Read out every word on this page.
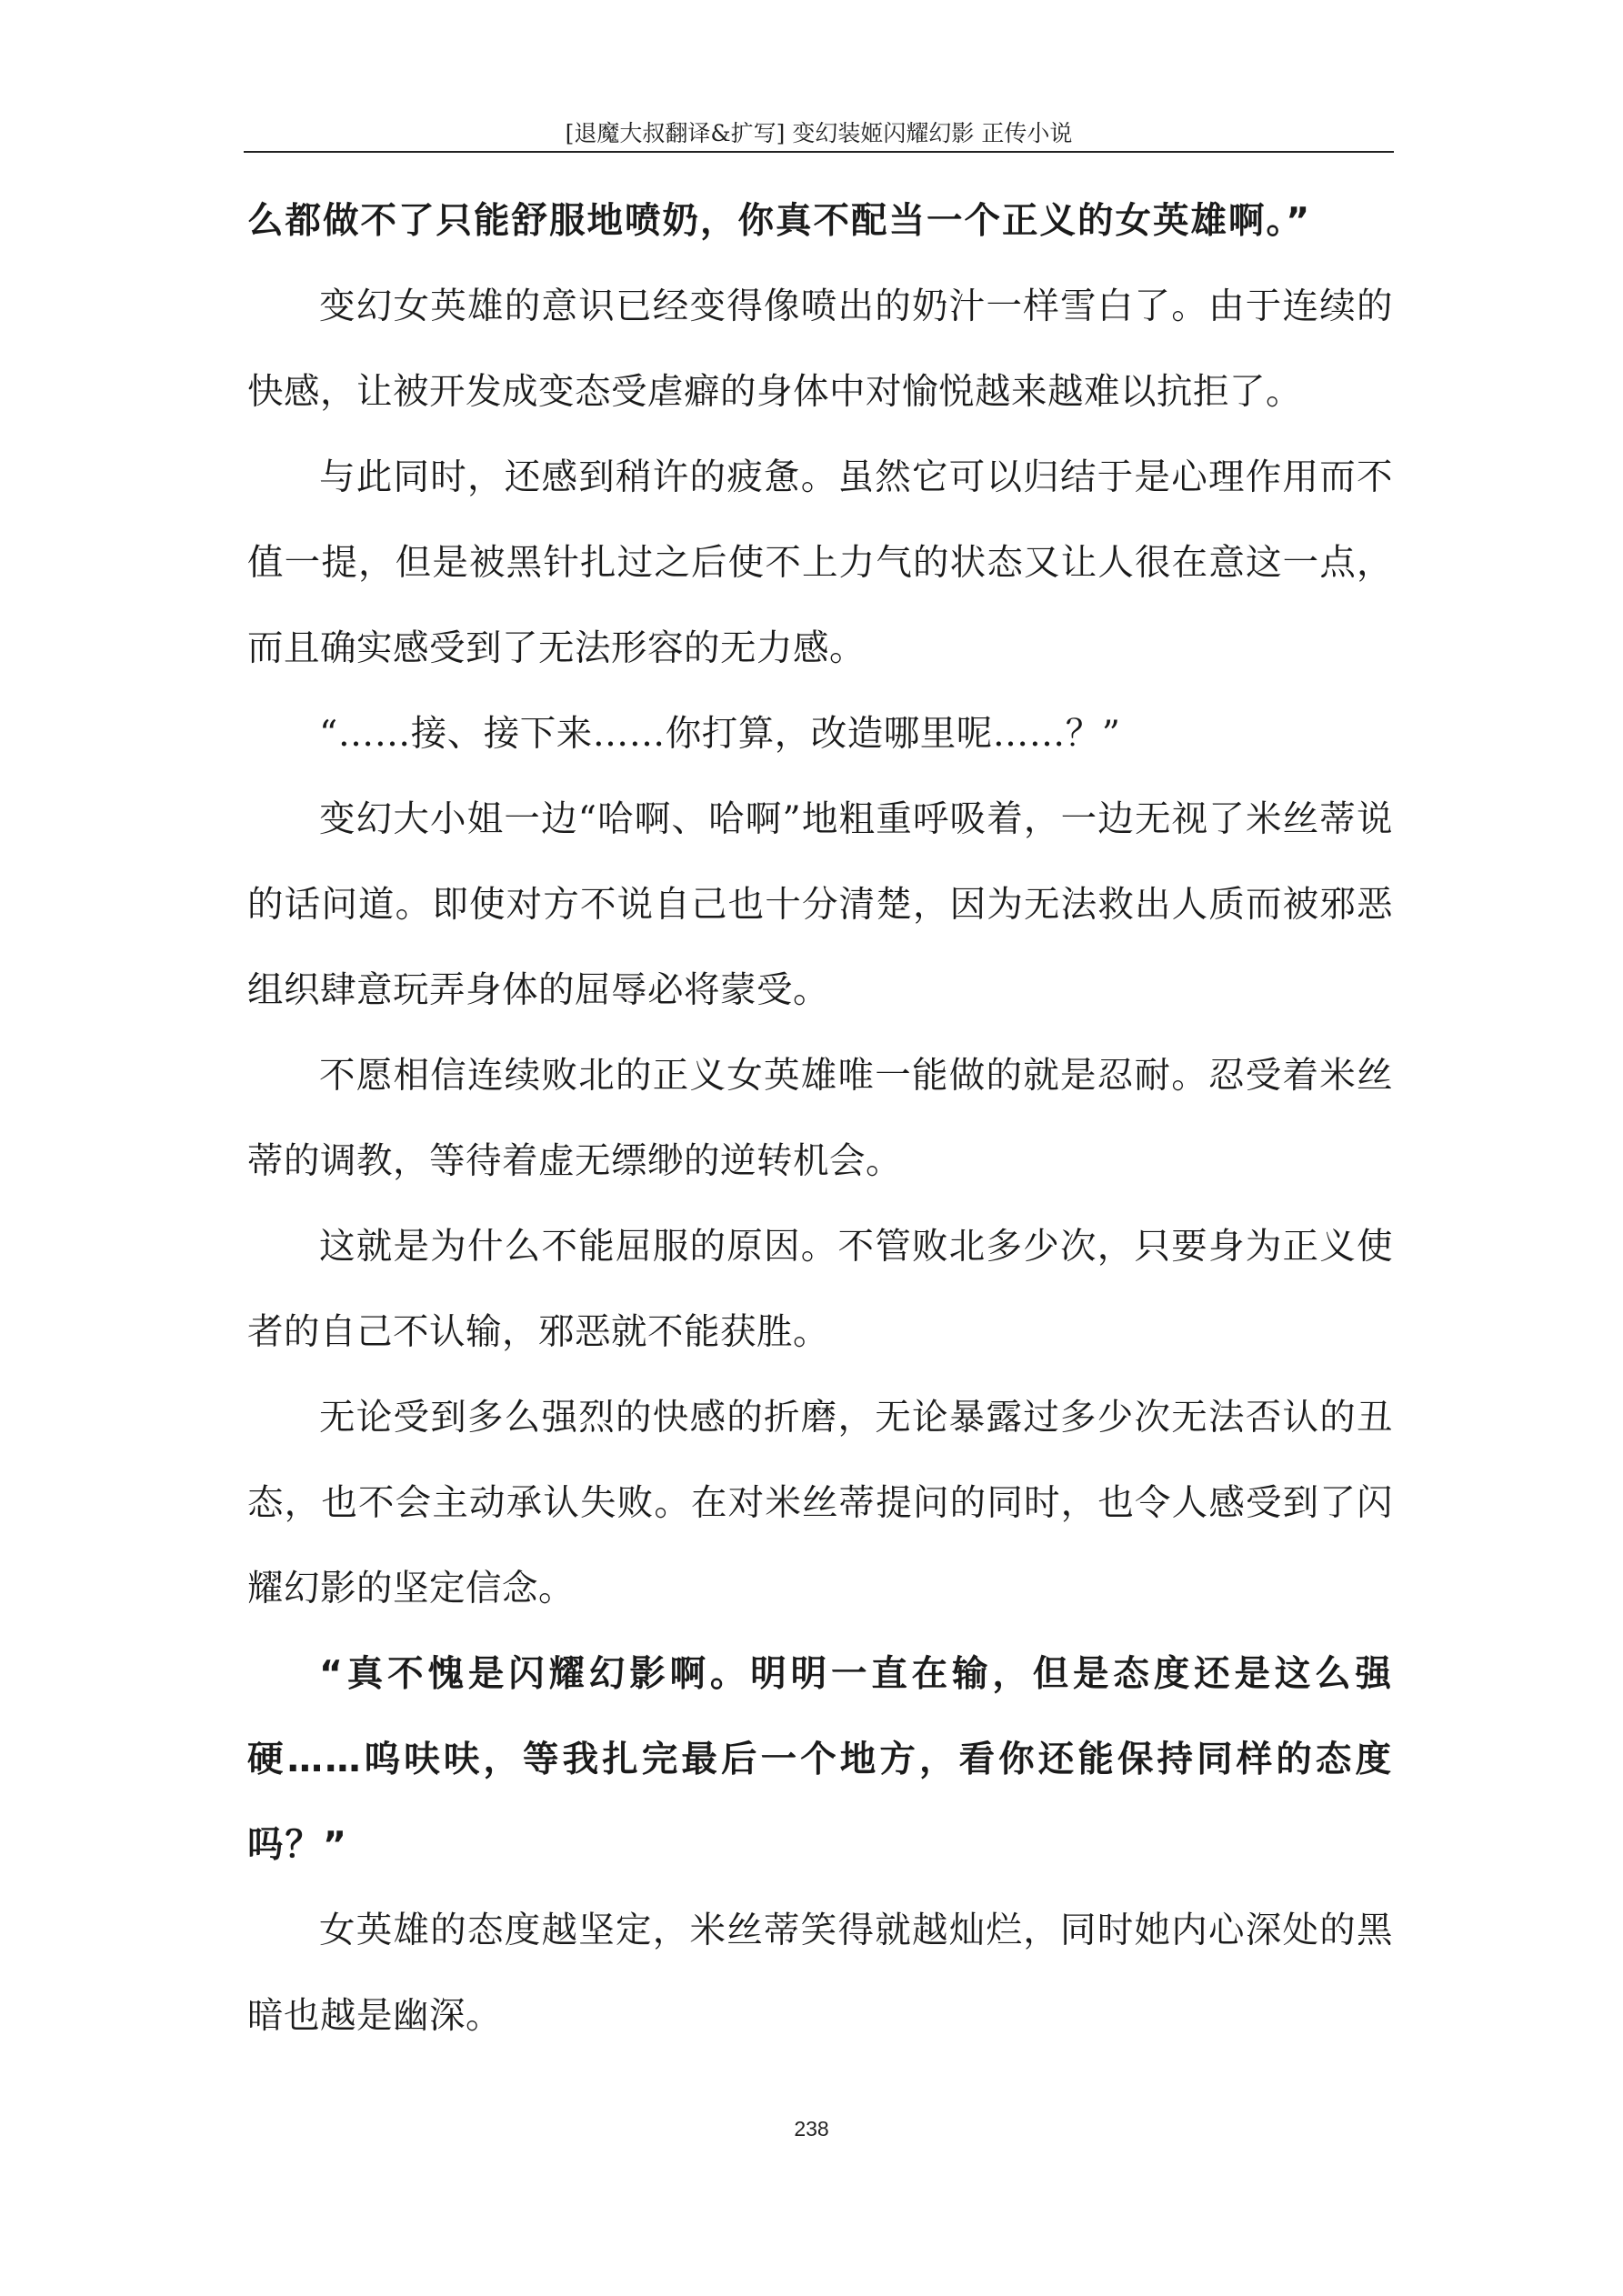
[退魔大叔翻译&扩写] 变幻装姬闪耀幻影 正传小说

么都做不了只能舒服地喷奶，你真不配当一个正义的女英雄啊。”

变幻女英雄的意识已经变得像喷出的奶汁一样雪白了。由于连续的快感，让被开发成变态受虐癖的身体中对愉悦越来越难以抗拒了。

与此同时，还感到稍许的疲惫。虽然它可以归结于是心理作用而不值一提，但是被黑针扎过之后使不上力气的状态又让人很在意这一点，而且确实感受到了无法形容的无力感。

“……接、接下来……你打算，改造哪里呢……？”

变幻大小姐一边“哈啊、哈啊”地粗重呼吸着，一边无视了米丝蒂说的话问道。即使对方不说自己也十分清楚，因为无法救出人质而被邪恶组织肆意玩弄身体的屈辱必将蒙受。

不愿相信连续败北的正义女英雄唯一能做的就是忍耐。忍受着米丝蒂的调教，等待着虚无缥缈的逆转机会。

这就是为什么不能屈服的原因。不管败北多少次，只要身为正义使者的自己不认输，邪恶就不能获胜。

无论受到多么强烈的快感的折磨，无论暴露过多少次无法否认的丑态，也不会主动承认失败。在对米丝蒂提问的同时，也令人感受到了闪耀幻影的坚定信念。

“真不愧是闪耀幻影啊。明明一直在输，但是态度还是这么强硬……呜呋呋，等我扎完最后一个地方，看你还能保持同样的态度吗？”

女英雄的态度越坚定，米丝蒂笑得就越灿烂，同时她内心深处的黑暗也越是幽深。

238
